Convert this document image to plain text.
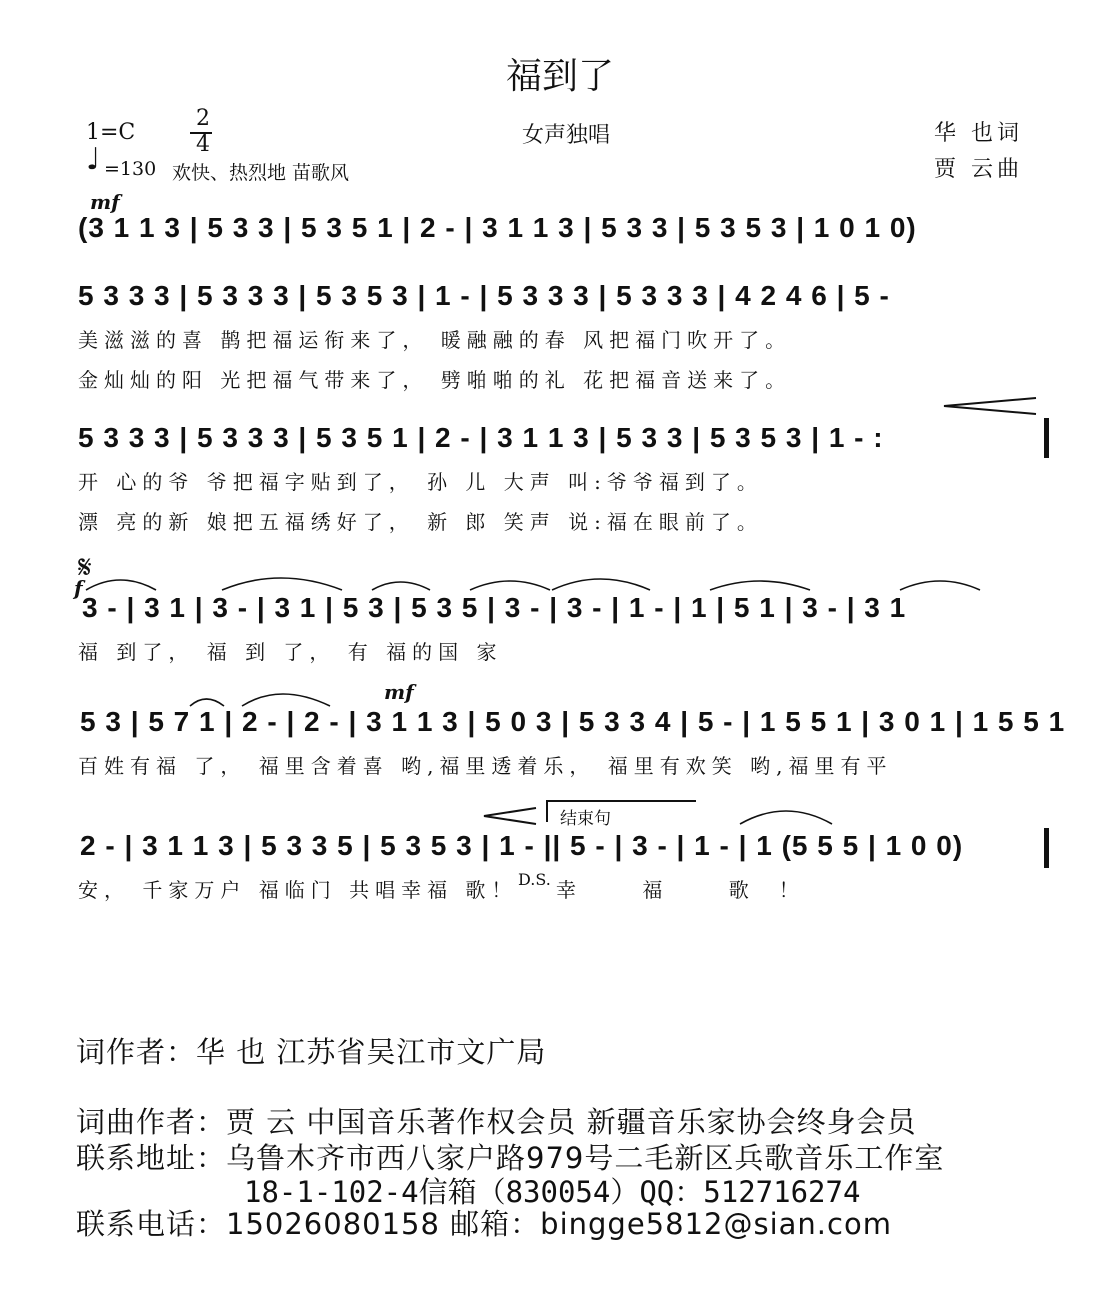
福到了
1=C
2
4
♩ =130 欢快、热烈地 苗歌风
女声独唱	华 也词
贾 云曲
mf
(3 1 1 3 | 5 3 3 | 5 3 5 1 | 2 - | 3 1 1 3 | 5 3 3 | 5 3 5 3 | 1 0 1 0)
5 3 3 3 | 5 3 3 3 | 5 3 5 3 | 1 - | 5 3 3 3 | 5 3 3 3 | 4 2 4 6 | 5 -
美滋滋的喜 鹊把福运衔来了， 暖融融的春 风把福门吹开了。
金灿灿的阳 光把福气带来了， 劈啪啪的礼 花把福音送来了。
5 3 3 3 | 5 3 3 3 | 5 3 5 1 | 2 - | 3 1 1 3 | 5 3 3 | 5 3 5 3 | 1 - :
开 心的爷 爷把福字贴到了， 孙 儿 大声 叫:爷爷福到了。
漂 亮的新 娘把五福绣好了， 新 郎 笑声 说:福在眼前了。
𝄋
f
3 - | 3 1 | 3 - | 3 1 | 5 3 | 5 3 5 | 3 - | 3 - | 1 - | 1 | 5 1 | 3 - | 3 1
福 到了， 福 到 了， 有 福的国 家
5 3 | 5 7 1 | 2 - | 2 - | 3 1 1 3 | 5 0 3 | 5 3 3 4 | 5 - | 1 5 5 1 | 3 0 1 | 1 5 5 1
mf
百姓有福 了， 福里含着喜 哟,福里透着乐， 福里有欢笑 哟,福里有平
结束句
2 - | 3 1 1 3 | 5 3 3 5 | 5 3 5 3 | 1 - || 5 - | 3 - | 1 - | 1 (5 5 5 | 1 0 0)
安， 千家万户 福临门 共唱幸福 歌！ D.S. 幸 福 歌！
词作者：华 也 江苏省吴江市文广局
词曲作者：贾 云 中国音乐著作权会员 新疆音乐家协会终身会员
联系地址：乌鲁木齐市西八家户路979号二毛新区兵歌音乐工作室
18-1-102-4信箱（830054）QQ：512716274
联系电话：15026080158 邮箱：bingge5812@sian.com
